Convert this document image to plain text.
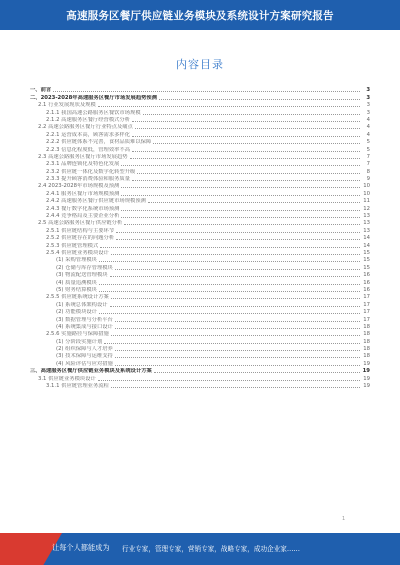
高速服务区餐厅供应链业务模块及系统设计方案研究报告
内容目录
一、前言	3
二、2023-2028年高速服务区餐厅市场发展趋势预测	3
2.1 行业发展现状及规模	3
2.1.1 我国高速公路服务区餐饮市场规模	3
2.1.2 高速服务区餐厅经营模式分析	4
2.2 高速公路服务区餐厅行业特点及痛点	4
2.2.1 运营成本高，顾客需求多样化	4
2.2.2 供应链体系不完善，食材品质难以保障	5
2.2.3 信息化程度低，管理效率不高	5
2.3 高速公路服务区餐厅市场发展趋势	7
2.3.1 品牌连锁化及特色化发展	7
2.3.2 供应链一体化及数字化转型升级	8
2.3.3 提升顾客消费体验和服务质量	9
2.4 2023-2028年市场规模及预测	10
2.4.1 服务区餐厅市场规模预测	10
2.4.2 高速服务区餐厅供应链市场规模预测	11
2.4.3 餐厅数字化系统市场预测	12
2.4.4 竞争格局及主要企业分析	13
2.5 高速公路服务区餐厅供应链分析	13
2.5.1 供应链结构与主要环节	13
2.5.2 供应链存在的问题分析	14
2.5.3 供应链管理模式	14
2.5.4 供应链业务模块设计	15
(1) 采购管理模块	15
(2) 仓储与库存管理模块	15
(3) 物流配送管理模块	16
(4) 质量追溯模块	16
(5) 财务结算模块	16
2.5.5 供应链系统设计方案	17
(1) 系统总体架构设计	17
(2) 功能模块设计	17
(3) 数据管理与分析平台	17
(4) 系统集成与接口设计	18
2.5.6 实施路径与保障措施	18
(1) 分阶段实施计划	18
(2) 组织保障与人才培养	18
(3) 技术保障与运维支持	18
(4) 风险评估与应对措施	19
三、高速服务区餐厅供应链业务模块及系统设计方案	19
3.1 供应链业务模块设计	19
3.1.1 供应链管理业务流程	19
1
让每个人都能成为 行业专家，管理专家，营销专家，战略专家，成功企业家……
